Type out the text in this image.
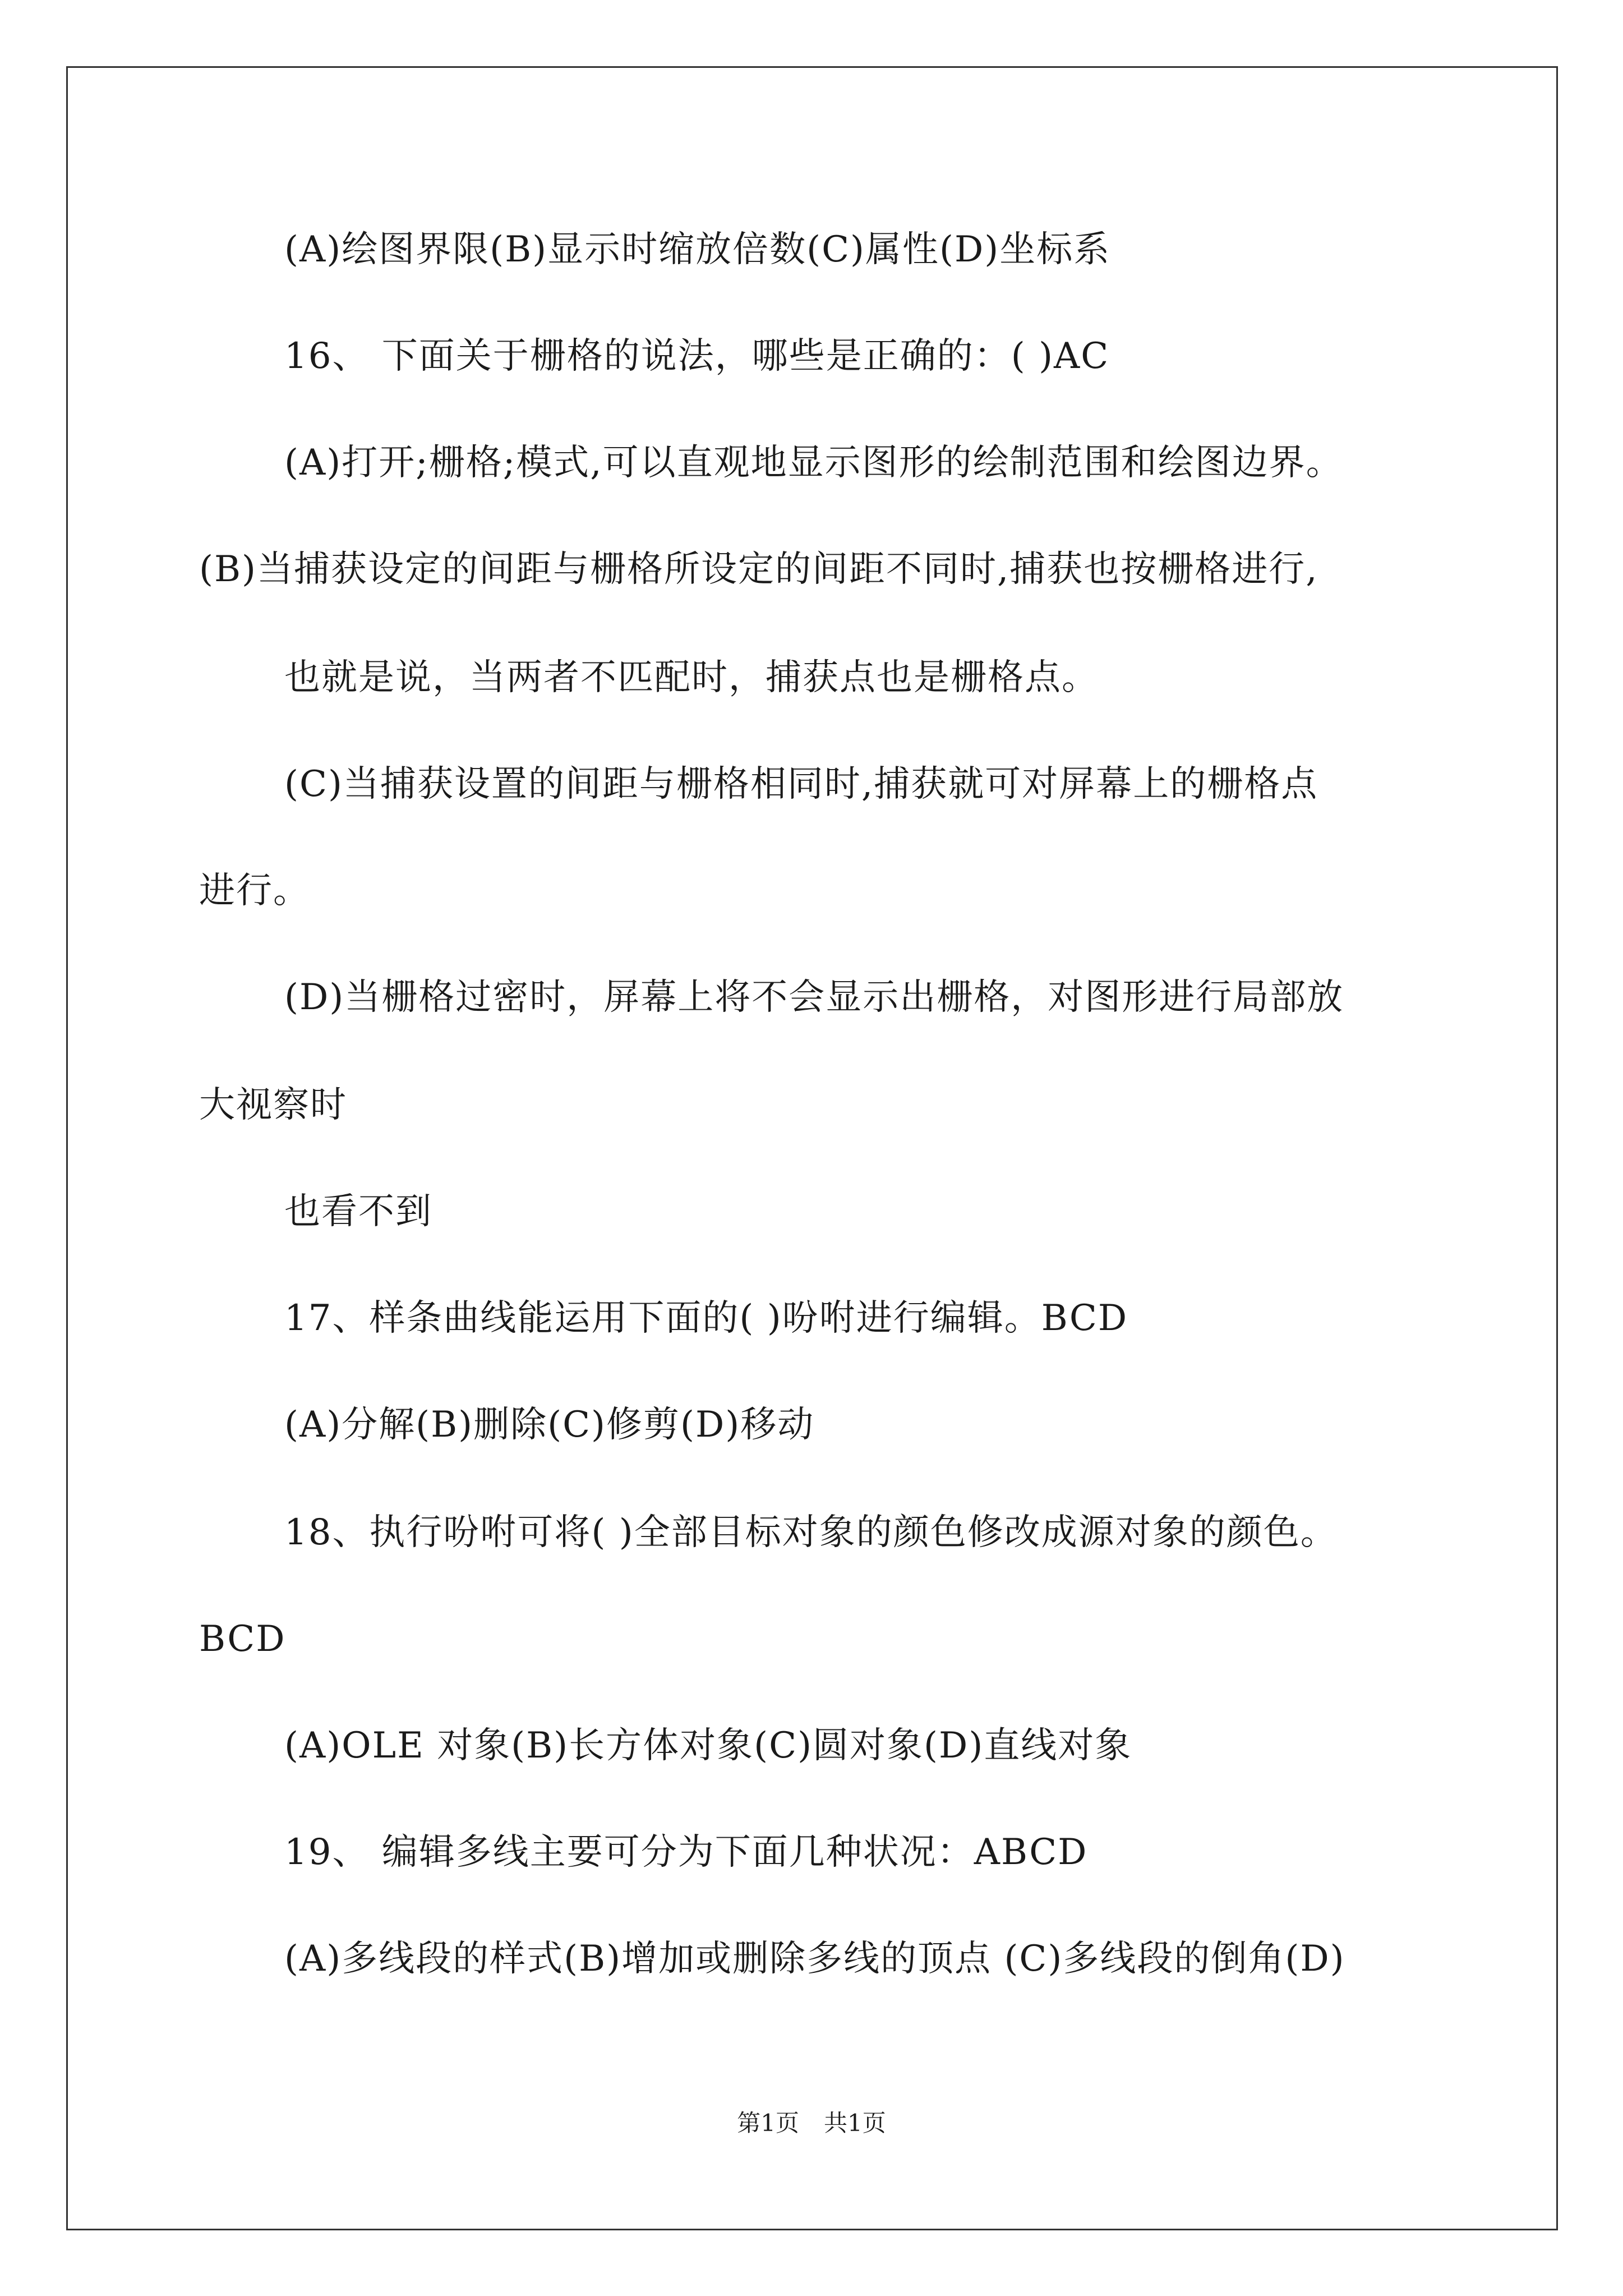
(A)绘图界限(B)显示时缩放倍数(C)属性(D)坐标系
16、 下面关于栅格的说法，哪些是正确的：( )AC
(A)打开;栅格;模式,可以直观地显示图形的绘制范围和绘图边界。
(B)当捕获设定的间距与栅格所设定的间距不同时,捕获也按栅格进行,
也就是说，当两者不匹配时，捕获点也是栅格点。
(C)当捕获设置的间距与栅格相同时,捕获就可对屏幕上的栅格点
进行。
(D)当栅格过密时，屏幕上将不会显示出栅格，对图形进行局部放
大视察时
也看不到
17、样条曲线能运用下面的( )吩咐进行编辑。BCD
(A)分解(B)删除(C)修剪(D)移动
18、执行吩咐可将( )全部目标对象的颜色修改成源对象的颜色。
BCD
(A)OLE 对象(B)长方体对象(C)圆对象(D)直线对象
19、 编辑多线主要可分为下面几种状况：ABCD
(A)多线段的样式(B)增加或删除多线的顶点 (C)多线段的倒角(D)
第1页 共1页
